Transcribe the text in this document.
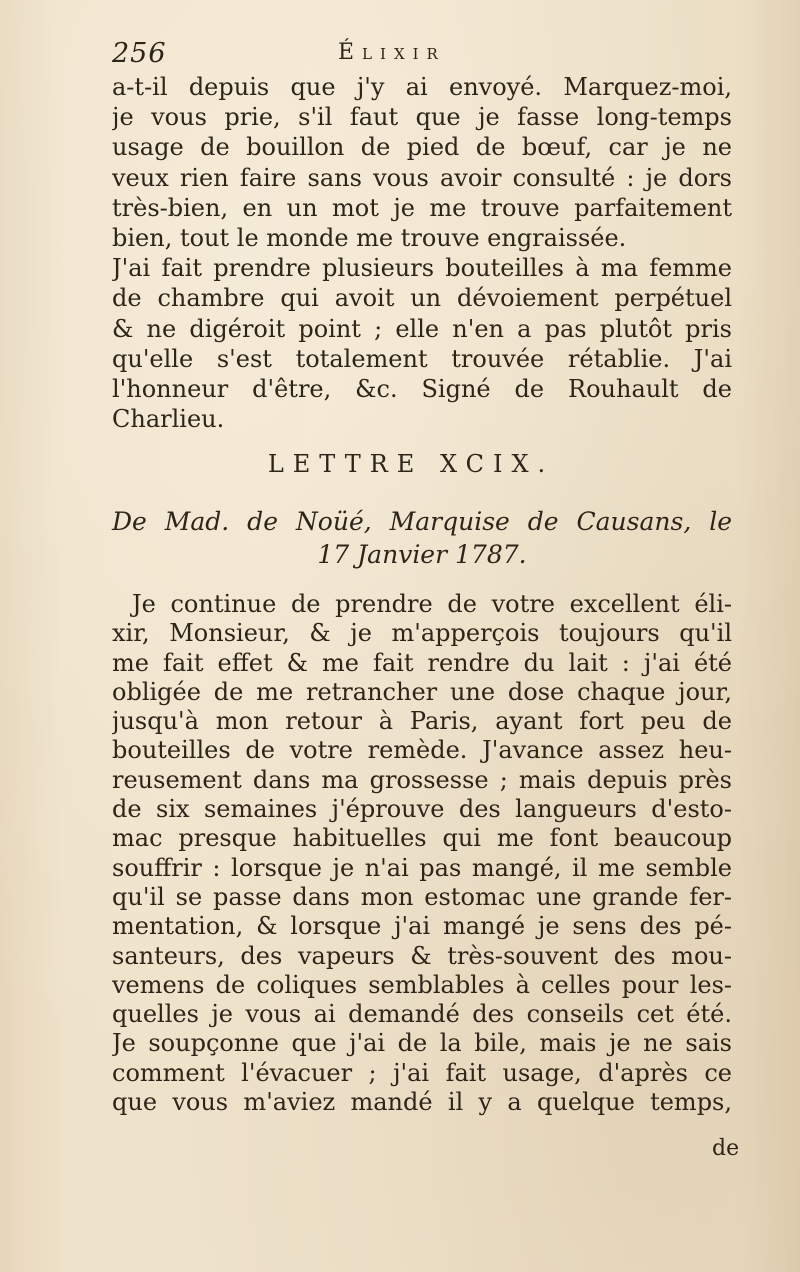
256	Élixir
a-t-il depuis que j'y ai envoyé. Marquez-moi,
je vous prie, s'il faut que je fasse long-temps
usage de bouillon de pied de bœuf, car je ne
veux rien faire sans vous avoir consulté : je dors
très-bien, en un mot je me trouve parfaitement
bien, tout le monde me trouve engraissée.
J'ai fait prendre plusieurs bouteilles à ma femme
de chambre qui avoit un dévoiement perpétuel
& ne digéroit point ; elle n'en a pas plutôt pris
qu'elle s'est totalement trouvée rétablie. J'ai
l'honneur d'être, &c. Signé de Rouhault de
Charlieu.
LETTRE XCIX.
De Mad. de Noüé, Marquise de Causans, le
17 Janvier 1787.
Je continue de prendre de votre excellent éli-
xir, Monsieur, & je m'apperçois toujours qu'il
me fait effet & me fait rendre du lait : j'ai été
obligée de me retrancher une dose chaque jour,
jusqu'à mon retour à Paris, ayant fort peu de
bouteilles de votre remède. J'avance assez heu-
reusement dans ma grossesse ; mais depuis près
de six semaines j'éprouve des langueurs d'esto-
mac presque habituelles qui me font beaucoup
souffrir : lorsque je n'ai pas mangé, il me semble
qu'il se passe dans mon estomac une grande fer-
mentation, & lorsque j'ai mangé je sens des pé-
santeurs, des vapeurs & très-souvent des mou-
vemens de coliques semblables à celles pour les-
quelles je vous ai demandé des conseils cet été.
Je soupçonne que j'ai de la bile, mais je ne sais
comment l'évacuer ; j'ai fait usage, d'après ce
que vous m'aviez mandé il y a quelque temps,
de
